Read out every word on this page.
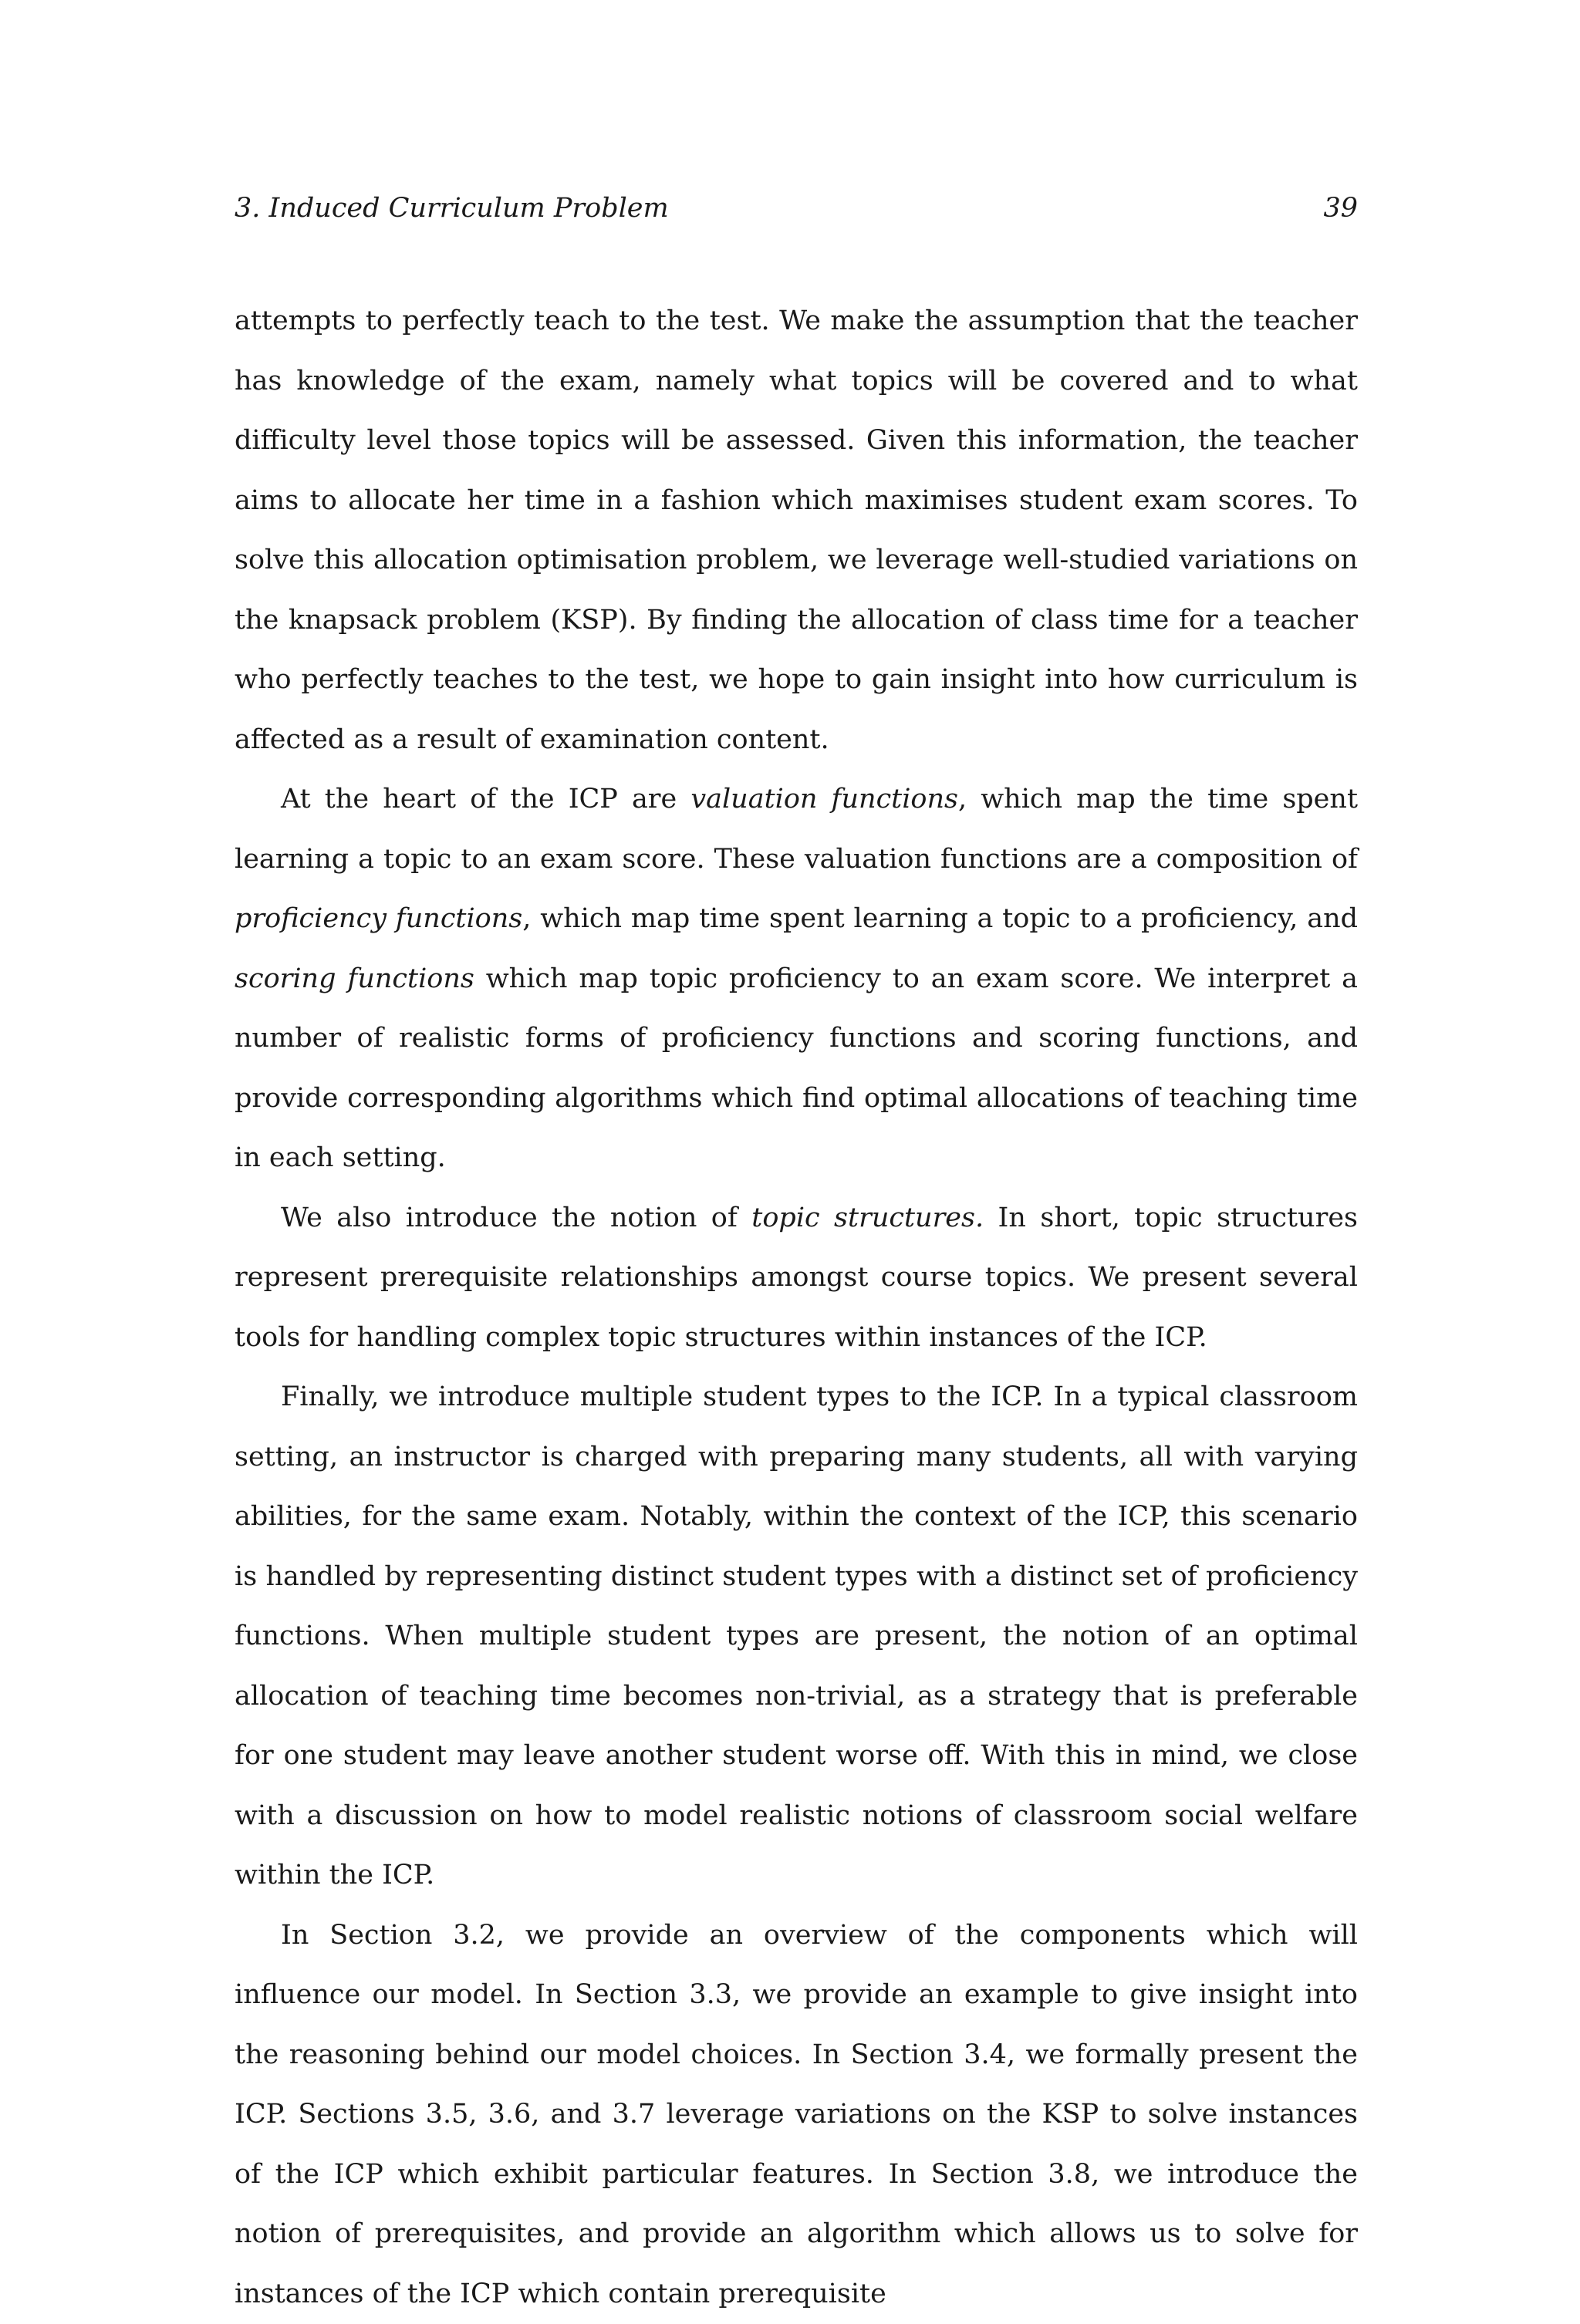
3. Induced Curriculum Problem	39

attempts to perfectly teach to the test. We make the assumption that the teacher has knowledge of the exam, namely what topics will be covered and to what difficulty level those topics will be assessed. Given this information, the teacher aims to allocate her time in a fashion which maximises student exam scores. To solve this allocation optimisation problem, we leverage well-studied variations on the knapsack problem (KSP). By finding the allocation of class time for a teacher who perfectly teaches to the test, we hope to gain insight into how curriculum is affected as a result of examination content.

At the heart of the ICP are valuation functions, which map the time spent learning a topic to an exam score. These valuation functions are a composition of proficiency functions, which map time spent learning a topic to a proficiency, and scoring functions which map topic proficiency to an exam score. We interpret a number of realistic forms of proficiency functions and scoring functions, and provide corresponding algorithms which find optimal allocations of teaching time in each setting.

We also introduce the notion of topic structures. In short, topic structures represent prerequisite relationships amongst course topics. We present several tools for handling complex topic structures within instances of the ICP.

Finally, we introduce multiple student types to the ICP. In a typical classroom setting, an instructor is charged with preparing many students, all with varying abilities, for the same exam. Notably, within the context of the ICP, this scenario is handled by representing distinct student types with a distinct set of proficiency functions. When multiple student types are present, the notion of an optimal allocation of teaching time becomes non-trivial, as a strategy that is preferable for one student may leave another student worse off. With this in mind, we close with a discussion on how to model realistic notions of classroom social welfare within the ICP.

In Section 3.2, we provide an overview of the components which will influence our model. In Section 3.3, we provide an example to give insight into the reasoning behind our model choices. In Section 3.4, we formally present the ICP. Sections 3.5, 3.6, and 3.7 leverage variations on the KSP to solve instances of the ICP which exhibit particular features. In Section 3.8, we introduce the notion of prerequisites, and provide an algorithm which allows us to solve for instances of the ICP which contain prerequisite
